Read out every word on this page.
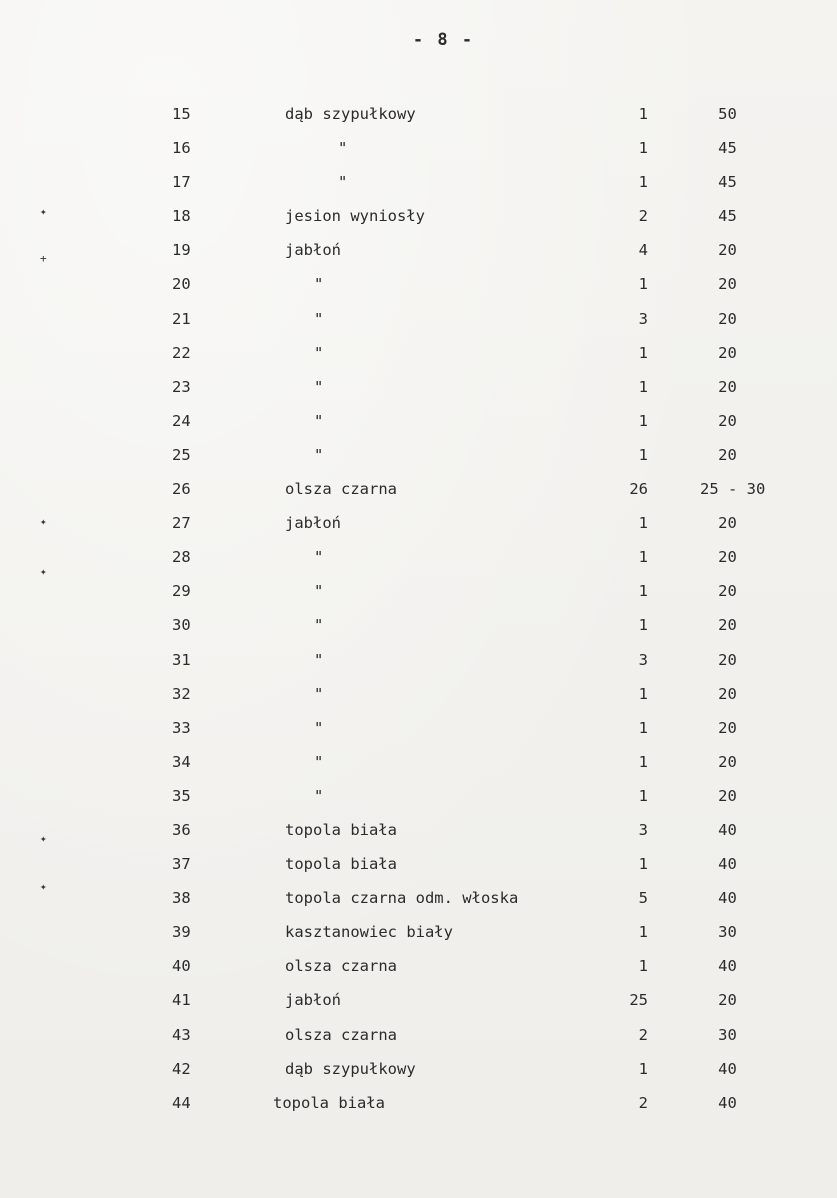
- 8 -
15	dąb szypułkowy	1	50
16	"	1	45
17	"	1	45
18	jesion wyniosły	2	45
19	jabłoń	4	20
20	"	1	20
21	"	3	20
22	"	1	20
23	"	1	20
24	"	1	20
25	"	1	20
26	olsza czarna	26	25 - 30
27	jabłoń	1	20
28	"	1	20
29	"	1	20
30	"	1	20
31	"	3	20
32	"	1	20
33	"	1	20
34	"	1	20
35	"	1	20
36	topola biała	3	40
37	topola biała	1	40
38	topola czarna odm. włoska	5	40
39	kasztanowiec biały	1	30
40	olsza czarna	1	40
41	jabłoń	25	20
43	olsza czarna	2	30
42	dąb szypułkowy	1	40
44	topola biała	2	40
✦
+
✦
✦
✦
✦
